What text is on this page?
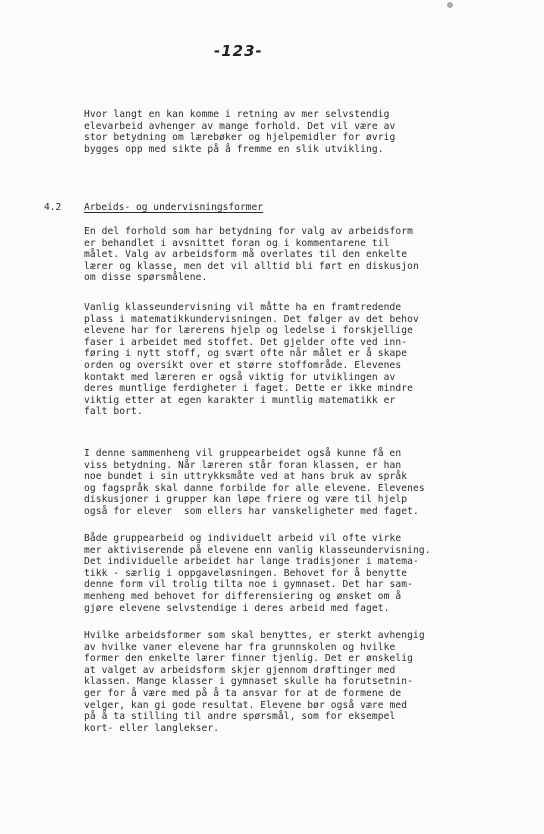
-123-

Hvor langt en kan komme i retning av mer selvstendig
elevarbeid avhenger av mange forhold. Det vil være av
stor betydning om lærebøker og hjelpemidler for øvrig
bygges opp med sikte på å fremme en slik utvikling.

4.2 Arbeids- og undervisningsformer

En del forhold som har betydning for valg av arbeidsform
er behandlet i avsnittet foran og i kommentarene til
målet. Valg av arbeidsform må overlates til den enkelte
lærer og klasse, men det vil alltid bli ført en diskusjon
om disse spørsmålene.

Vanlig klasseundervisning vil måtte ha en framtredende
plass i matematikkundervisningen. Det følger av det behov
elevene har for lærerens hjelp og ledelse i forskjellige
faser i arbeidet med stoffet. Det gjelder ofte ved inn-
føring i nytt stoff, og svært ofte når målet er å skape
orden og oversikt over et større stoffområde. Elevenes
kontakt med læreren er også viktig for utviklingen av
deres muntlige ferdigheter i faget. Dette er ikke mindre
viktig etter at egen karakter i muntlig matematikk er
falt bort.

I denne sammenheng vil gruppearbeidet også kunne få en
viss betydning. Når læreren står foran klassen, er han
noe bundet i sin uttrykksmåte ved at hans bruk av språk
og fagspråk skal danne forbilde for alle elevene. Elevenes
diskusjoner i grupper kan løpe friere og være til hjelp
også for elever  som ellers har vanskeligheter med faget.

Både gruppearbeid og individuelt arbeid vil ofte virke
mer aktiviserende på elevene enn vanlig klasseundervisning.
Det individuelle arbeidet har lange tradisjoner i matema-
tikk - særlig i oppgaveløsningen. Behovet for å benytte
denne form vil trolig tilta noe i gymnaset. Det har sam-
menheng med behovet for differensiering og ønsket om å
gjøre elevene selvstendige i deres arbeid med faget.

Hvilke arbeidsformer som skal benyttes, er sterkt avhengig
av hvilke vaner elevene har fra grunnskolen og hvilke
former den enkelte lærer finner tjenlig. Det er ønskelig
at valget av arbeidsform skjer gjennom drøftinger med
klassen. Mange klasser i gymnaset skulle ha forutsetnin-
ger for å være med på å ta ansvar for at de formene de
velger, kan gi gode resultat. Elevene bør også være med
på å ta stilling til andre spørsmål, som for eksempel
kort- eller langlekser.
